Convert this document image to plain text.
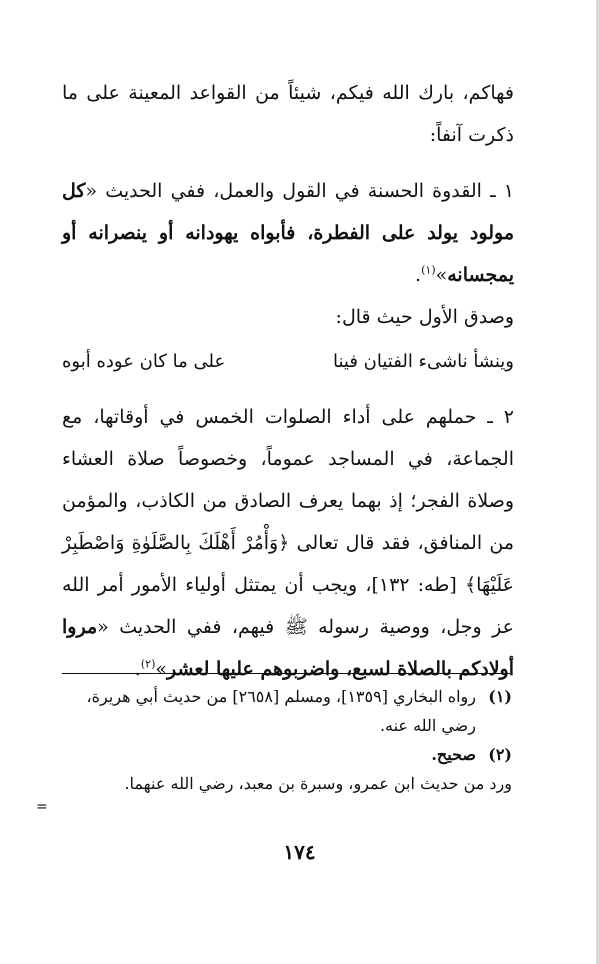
فهاكم، بارك الله فيكم، شيئاً من القواعد المعينة على ما ذكرت آنفاً:
١ ـ القدوة الحسنة في القول والعمل، ففي الحديث «كل مولود يولد على الفطرة، فأبواه يهودانه أو ينصرانه أو يمجسانه»$^{(١)}$.
وصدق الأول حيث قال:
وينشأ ناشىء الفتيان فينا
على ما كان عوده أبوه
٢ ـ حملهم على أداء الصلوات الخمس في أوقاتها، مع الجماعة، في المساجد عموماً، وخصوصاً صلاة العشاء وصلاة الفجر؛ إذ بهما يعرف الصادق من الكاذب، والمؤمن من المنافق، فقد قال تعالى ﴿وَأْمُرْ أَهْلَكَ بِالصَّلَوٰةِ وَاصْطَبِرْ عَلَيْهَا﴾ [طه: ١٣٢]، ويجب أن يمتثل أولياء الأمور أمر الله عز وجل، ووصية رسوله ﷺ فيهم، ففي الحديث «مروا أولادكم بالصلاة لسبع، واضربوهم عليها لعشر»$^{(٢)}$.
(١)
رواه البخاري [١٣٥٩]، ومسلم [٢٦٥٨] من حديث أبي هريرة، رضي الله عنه.
(٢)
صحيح.
ورد من حديث ابن عمرو، وسبرة بن معبد، رضي الله عنهما.
=
١٧٤
